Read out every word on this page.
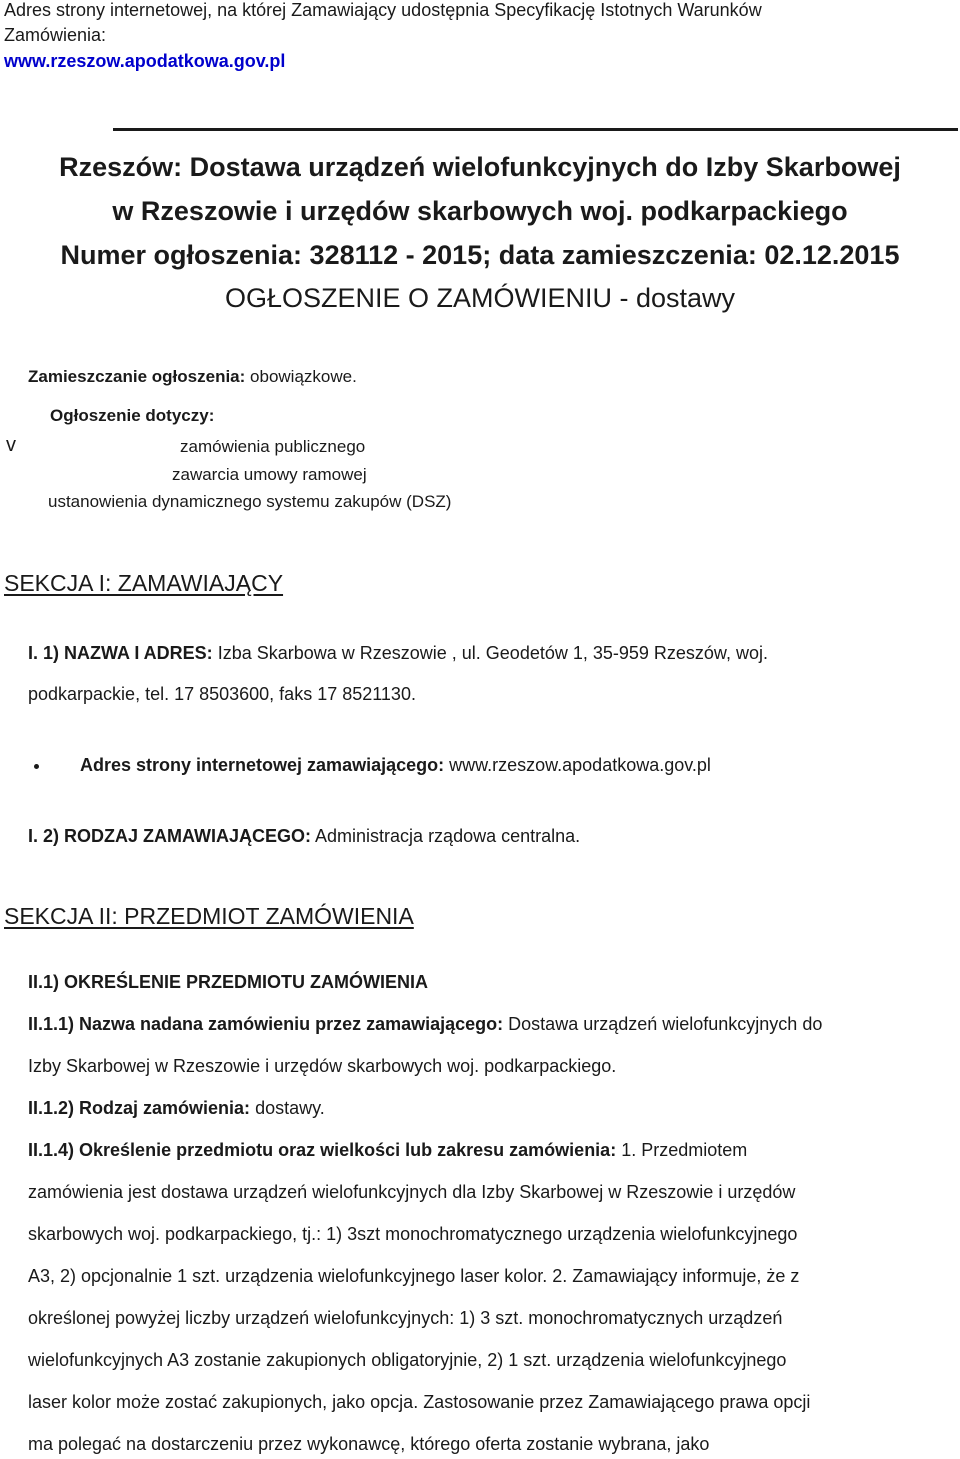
Adres strony internetowej, na której Zamawiający udostępnia Specyfikację Istotnych Warunków
Zamówienia:
www.rzeszow.apodatkowa.gov.pl
Rzeszów: Dostawa urządzeń wielofunkcyjnych do Izby Skarbowej
w Rzeszowie i urzędów skarbowych woj. podkarpackiego
Numer ogłoszenia: 328112 - 2015; data zamieszczenia: 02.12.2015
OGŁOSZENIE O ZAMÓWIENIU - dostawy
Zamieszczanie ogłoszenia: obowiązkowe.
Ogłoszenie dotyczy:
v	zamówienia publicznego
zawarcia umowy ramowej
ustanowienia dynamicznego systemu zakupów (DSZ)
SEKCJA I: ZAMAWIAJĄCY
I. 1) NAZWA I ADRES: Izba Skarbowa w Rzeszowie , ul. Geodetów 1, 35-959 Rzeszów, woj.
podkarpackie, tel. 17 8503600, faks 17 8521130.
Adres strony internetowej zamawiającego: www.rzeszow.apodatkowa.gov.pl
I. 2) RODZAJ ZAMAWIAJĄCEGO: Administracja rządowa centralna.
SEKCJA II: PRZEDMIOT ZAMÓWIENIA
II.1) OKREŚLENIE PRZEDMIOTU ZAMÓWIENIA
II.1.1) Nazwa nadana zamówieniu przez zamawiającego: Dostawa urządzeń wielofunkcyjnych do
Izby Skarbowej w Rzeszowie i urzędów skarbowych woj. podkarpackiego.
II.1.2) Rodzaj zamówienia: dostawy.
II.1.4) Określenie przedmiotu oraz wielkości lub zakresu zamówienia: 1. Przedmiotem
zamówienia jest dostawa urządzeń wielofunkcyjnych dla Izby Skarbowej w Rzeszowie i urzędów
skarbowych woj. podkarpackiego, tj.: 1) 3szt monochromatycznego urządzenia wielofunkcyjnego
A3, 2) opcjonalnie 1 szt. urządzenia wielofunkcyjnego laser kolor. 2. Zamawiający informuje, że z
określonej powyżej liczby urządzeń wielofunkcyjnych: 1) 3 szt. monochromatycznych urządzeń
wielofunkcyjnych A3 zostanie zakupionych obligatoryjnie, 2) 1 szt. urządzenia wielofunkcyjnego
laser kolor może zostać zakupionych, jako opcja. Zastosowanie przez Zamawiającego prawa opcji
ma polegać na dostarczeniu przez wykonawcę, którego oferta zostanie wybrana, jako
